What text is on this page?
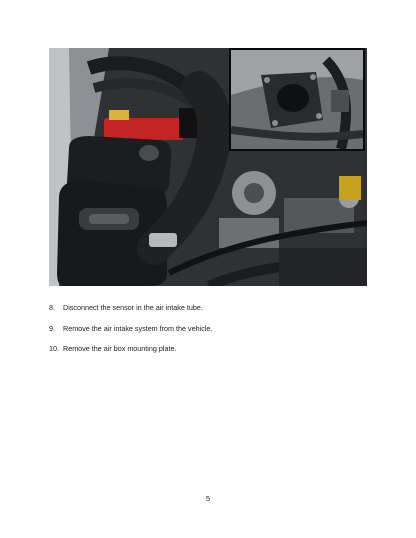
8.	Disconnect the sensor in the air intake tube.
9.	Remove the air intake system from the vehicle.
10. Remove the air box mounting plate.
5
